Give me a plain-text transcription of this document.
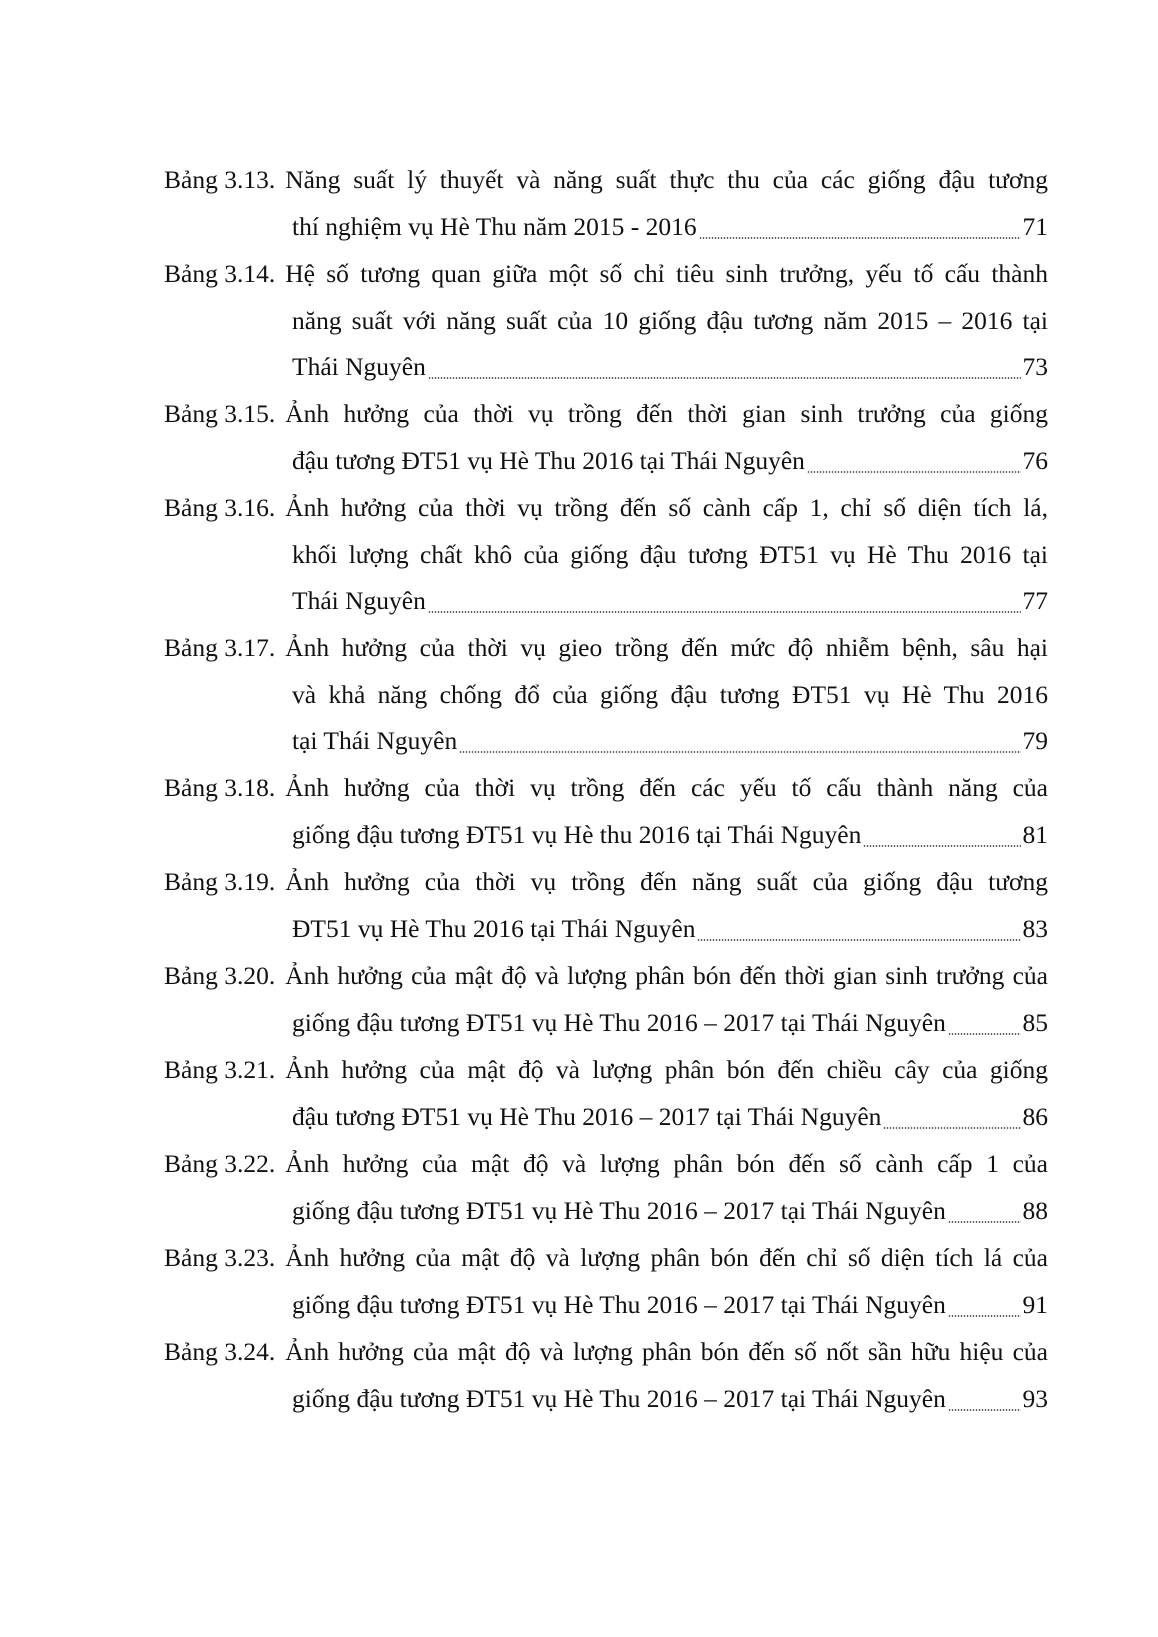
Bảng 3.13. Năng suất lý thuyết và năng suất thực thu của các giống đậu tương
thí nghiệm vụ Hè Thu năm 2015 - 2016	71
Bảng 3.14. Hệ số tương quan giữa một số chỉ tiêu sinh trưởng, yếu tố cấu thành
năng suất với năng suất của 10 giống đậu tương năm 2015 – 2016 tại
Thái Nguyên	73
Bảng 3.15. Ảnh hưởng của thời vụ trồng đến thời gian sinh trưởng của giống
đậu tương ĐT51 vụ Hè Thu 2016 tại Thái Nguyên	76
Bảng 3.16. Ảnh hưởng của thời vụ trồng đến số cành cấp 1, chỉ số diện tích lá,
khối lượng chất khô của giống đậu tương ĐT51 vụ Hè Thu 2016 tại
Thái Nguyên	77
Bảng 3.17. Ảnh hưởng của thời vụ gieo trồng đến mức độ nhiễm bệnh, sâu hại
và khả năng chống đổ của giống đậu tương ĐT51 vụ Hè Thu 2016
tại Thái Nguyên	79
Bảng 3.18. Ảnh hưởng của thời vụ trồng đến các yếu tố cấu thành năng của
giống đậu tương ĐT51 vụ Hè thu 2016 tại Thái Nguyên	81
Bảng 3.19. Ảnh hưởng của thời vụ trồng đến năng suất của giống đậu tương
ĐT51 vụ Hè Thu 2016 tại Thái Nguyên	83
Bảng 3.20. Ảnh hưởng của mật độ và lượng phân bón đến thời gian sinh trưởng của
giống đậu tương ĐT51 vụ Hè Thu 2016 – 2017 tại Thái Nguyên	85
Bảng 3.21. Ảnh hưởng của mật độ và lượng phân bón đến chiều cây của giống
đậu tương ĐT51 vụ Hè Thu 2016 – 2017 tại Thái Nguyên	86
Bảng 3.22. Ảnh hưởng của mật độ và lượng phân bón đến số cành cấp 1 của
giống đậu tương ĐT51 vụ Hè Thu 2016 – 2017 tại Thái Nguyên	88
Bảng 3.23. Ảnh hưởng của mật độ và lượng phân bón đến chỉ số diện tích lá của
giống đậu tương ĐT51 vụ Hè Thu 2016 – 2017 tại Thái Nguyên	91
Bảng 3.24. Ảnh hưởng của mật độ và lượng phân bón đến số nốt sần hữu hiệu của
giống đậu tương ĐT51 vụ Hè Thu 2016 – 2017 tại Thái Nguyên	93
